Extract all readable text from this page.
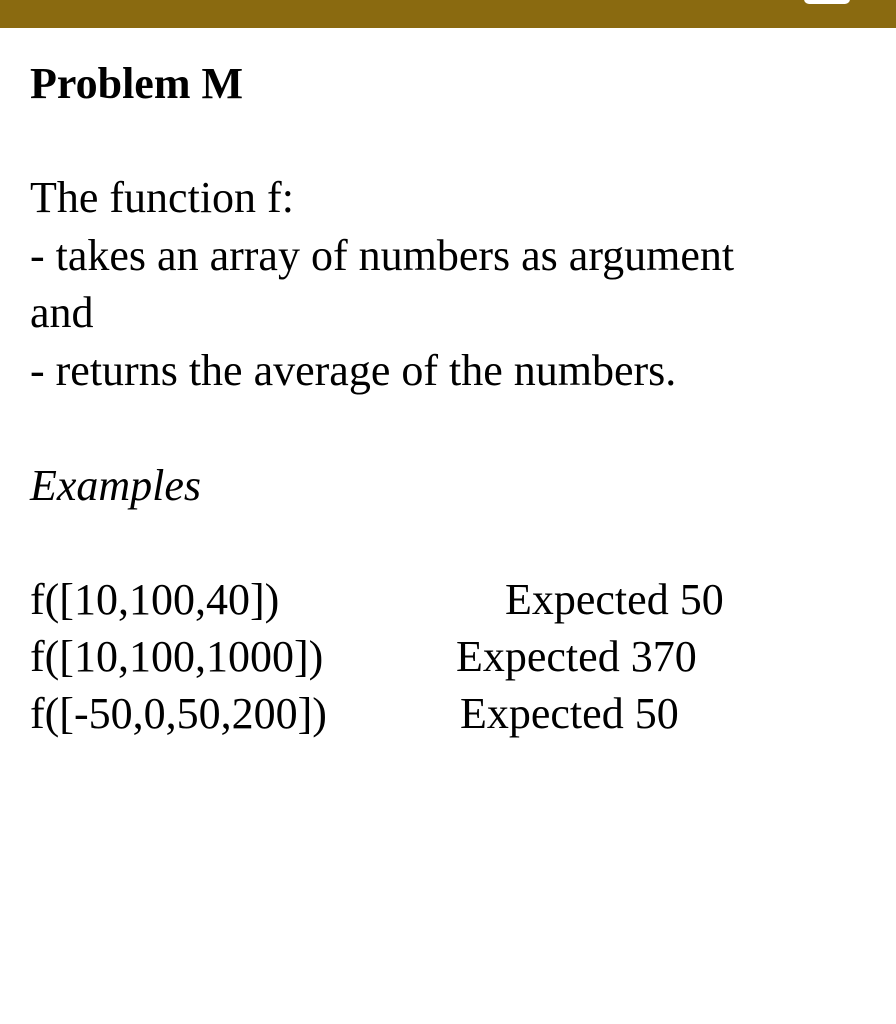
Problem M
The function f:
- takes an array of numbers as argument
and
- returns the average of the numbers.
Examples
f([10,100,40])	Expected 50
f([10,100,1000])	Expected 370
f([-50,0,50,200])	Expected 50
